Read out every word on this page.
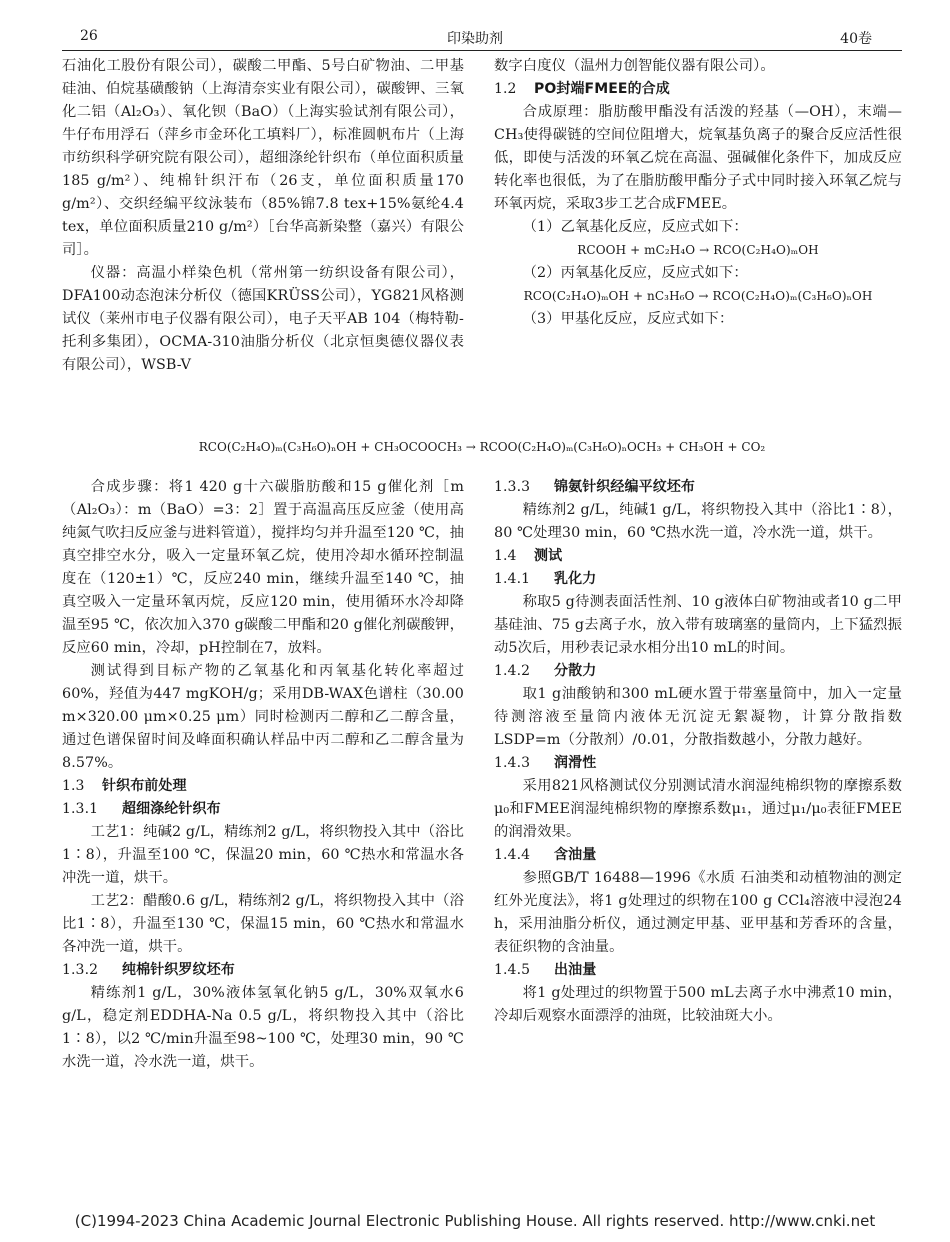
26	印染助剂	40卷

石油化工股份有限公司），碳酸二甲酯、5号白矿物油、二甲基硅油、伯烷基磺酸钠（上海清奈实业有限公司），碳酸钾、三氧化二铝（Al₂O₃）、氧化钡（BaO）（上海实验试剂有限公司），牛仔布用浮石（萍乡市金环化工填料厂），标准圆帆布片（上海市纺织科学研究院有限公司），超细涤纶针织布（单位面积质量185 g/m²）、纯棉针织汗布（26支，单位面积质量170 g/m²）、交织经编平纹泳装布（85%锦7.8 tex+15%氨纶4.4 tex，单位面积质量210 g/m²）［台华高新染整（嘉兴）有限公司］。

仪器：高温小样染色机（常州第一纺织设备有限公司），DFA100动态泡沫分析仪（德国KRÜSS公司），YG821风格测试仪（莱州市电子仪器有限公司），电子天平AB 104（梅特勒-托利多集团），OCMA-310油脂分析仪（北京恒奥德仪器仪表有限公司），WSB-V

数字白度仪（温州力创智能仪器有限公司）。

1.2 PO封端FMEE的合成

合成原理：脂肪酸甲酯没有活泼的羟基（—OH），末端—CH₃使得碳链的空间位阻增大，烷氧基负离子的聚合反应活性很低，即使与活泼的环氧乙烷在高温、强碱催化条件下，加成反应转化率也很低，为了在脂肪酸甲酯分子式中同时接入环氧乙烷与环氧丙烷，采取3步工艺合成FMEE。

（1）乙氧基化反应，反应式如下：

RCOOH + mC₂H₄O → RCO(C₂H₄O)ₘOH

（2）丙氧基化反应，反应式如下：

RCO(C₂H₄O)ₘOH + nC₃H₆O → RCO(C₂H₄O)ₘ(C₃H₆O)ₙOH

（3）甲基化反应，反应式如下：

RCO(C₂H₄O)ₘ(C₃H₆O)ₙOH + CH₃OCOOCH₃ → RCOO(C₂H₄O)ₘ(C₃H₆O)ₙOCH₃ + CH₃OH + CO₂

合成步骤：将1 420 g十六碳脂肪酸和15 g催化剂［m（Al₂O₃）：m（BaO）=3：2］置于高温高压反应釜（使用高纯氮气吹扫反应釜与进料管道），搅拌均匀并升温至120 ℃，抽真空排空水分，吸入一定量环氧乙烷，使用冷却水循环控制温度在（120±1）℃，反应240 min，继续升温至140 ℃，抽真空吸入一定量环氧丙烷，反应120 min，使用循环水冷却降温至95 ℃，依次加入370 g碳酸二甲酯和20 g催化剂碳酸钾，反应60 min，冷却，pH控制在7，放料。

测试得到目标产物的乙氧基化和丙氧基化转化率超过60%，羟值为447 mgKOH/g；采用DB-WAX色谱柱（30.00 m×320.00 μm×0.25 μm）同时检测丙二醇和乙二醇含量，通过色谱保留时间及峰面积确认样品中丙二醇和乙二醇含量为8.57%。

1.3 针织布前处理

1.3.1 超细涤纶针织布

工艺1：纯碱2 g/L，精练剂2 g/L，将织物投入其中（浴比1∶8），升温至100 ℃，保温20 min，60 ℃热水和常温水各冲洗一道，烘干。

工艺2：醋酸0.6 g/L，精练剂2 g/L，将织物投入其中（浴比1∶8），升温至130 ℃，保温15 min，60 ℃热水和常温水各冲洗一道，烘干。

1.3.2 纯棉针织罗纹坯布

精练剂1 g/L，30%液体氢氧化钠5 g/L，30%双氧水6 g/L，稳定剂EDDHA-Na 0.5 g/L，将织物投入其中（浴比1∶8），以2 ℃/min升温至98~100 ℃，处理30 min，90 ℃水洗一道，冷水洗一道，烘干。

1.3.3 锦氨针织经编平纹坯布

精练剂2 g/L，纯碱1 g/L，将织物投入其中（浴比1∶8），80 ℃处理30 min，60 ℃热水洗一道，冷水洗一道，烘干。

1.4 测试

1.4.1 乳化力

称取5 g待测表面活性剂、10 g液体白矿物油或者10 g二甲基硅油、75 g去离子水，放入带有玻璃塞的量筒内，上下猛烈振动5次后，用秒表记录水相分出10 mL的时间。

1.4.2 分散力

取1 g油酸钠和300 mL硬水置于带塞量筒中，加入一定量待测溶液至量筒内液体无沉淀无絮凝物，计算分散指数LSDP=m（分散剂）/0.01，分散指数越小，分散力越好。

1.4.3 润滑性

采用821风格测试仪分别测试清水润湿纯棉织物的摩擦系数μ₀和FMEE润湿纯棉织物的摩擦系数μ₁，通过μ₁/μ₀表征FMEE的润滑效果。

1.4.4 含油量

参照GB/T 16488—1996《水质 石油类和动植物油的测定 红外光度法》，将1 g处理过的织物在100 g CCl₄溶液中浸泡24 h，采用油脂分析仪，通过测定甲基、亚甲基和芳香环的含量，表征织物的含油量。

1.4.5 出油量

将1 g处理过的织物置于500 mL去离子水中沸煮10 min，冷却后观察水面漂浮的油斑，比较油斑大小。

(C)1994-2023 China Academic Journal Electronic Publishing House. All rights reserved. http://www.cnki.net
